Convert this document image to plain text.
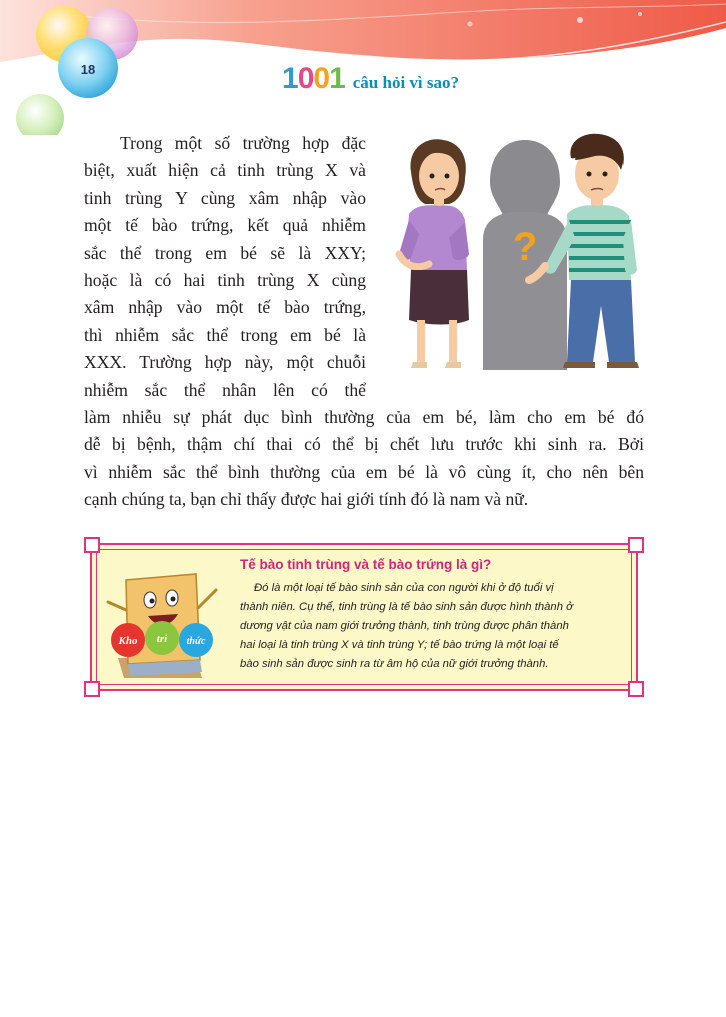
18	1001 câu hỏi vì sao?

Trong một số trường hợp đặc
biệt, xuất hiện cả tinh trùng X và
tinh trùng Y cùng xâm nhập vào
một tế bào trứng, kết quả nhiễm
sắc thể trong em bé sẽ là XXY;
hoặc là có hai tinh trùng X cùng
xâm nhập vào một tế bào trứng,
thì nhiễm sắc thể trong em bé là
XXX. Trường hợp này, một chuỗi
nhiễm sắc thể nhân lên có thể

làm nhiễu sự phát dục bình thường của em bé, làm cho em bé đó
dễ bị bệnh, thậm chí thai có thể bị chết lưu trước khi sinh ra. Bởi
vì nhiễm sắc thể bình thường của em bé là vô cùng ít, cho nên bên
cạnh chúng ta, bạn chỉ thấy được hai giới tính đó là nam và nữ.

?
Kho tri thức
Tế bào tinh trùng và tế bào trứng là gì?
Đó là một loại tế bào sinh sản của con người khi ở độ tuổi vị
thành niên. Cụ thể, tinh trùng là tế bào sinh sản được hình thành ở
dương vật của nam giới trưởng thành, tinh trùng được phân thành
hai loại là tinh trùng X và tinh trùng Y; tế bào trứng là một loại tế
bào sinh sản được sinh ra từ âm hộ của nữ giới trưởng thành.
